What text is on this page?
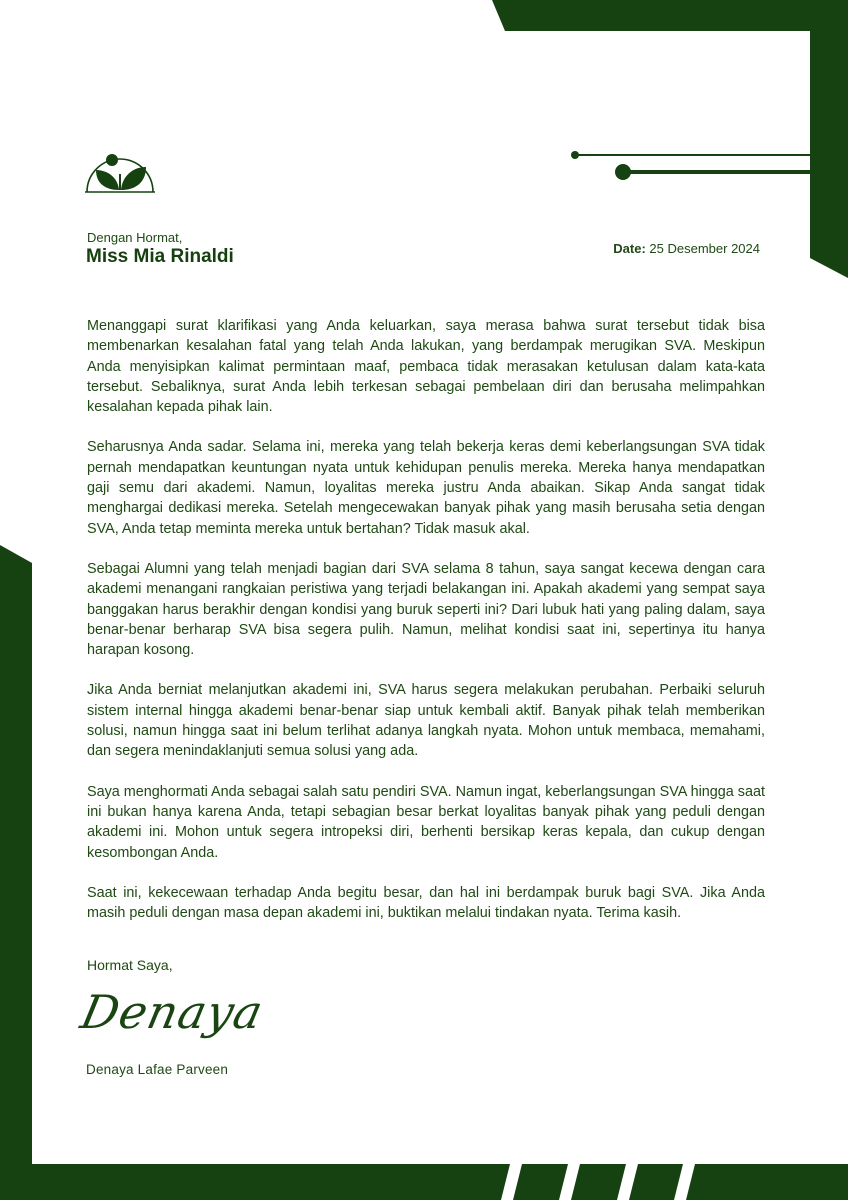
Dengan Hormat,
Miss Mia Rinaldi	Date: 25 Desember 2024

Menanggapi surat klarifikasi yang Anda keluarkan, saya merasa bahwa surat tersebut tidak bisa membenarkan kesalahan fatal yang telah Anda lakukan, yang berdampak merugikan SVA. Meskipun Anda menyisipkan kalimat permintaan maaf, pembaca tidak merasakan ketulusan dalam kata-kata tersebut. Sebaliknya, surat Anda lebih terkesan sebagai pembelaan diri dan berusaha melimpahkan kesalahan kepada pihak lain.

Seharusnya Anda sadar. Selama ini, mereka yang telah bekerja keras demi keberlangsungan SVA tidak pernah mendapatkan keuntungan nyata untuk kehidupan penulis mereka. Mereka hanya mendapatkan gaji semu dari akademi. Namun, loyalitas mereka justru Anda abaikan. Sikap Anda sangat tidak menghargai dedikasi mereka. Setelah mengecewakan banyak pihak yang masih berusaha setia dengan SVA, Anda tetap meminta mereka untuk bertahan? Tidak masuk akal.

Sebagai Alumni yang telah menjadi bagian dari SVA selama 8 tahun, saya sangat kecewa dengan cara akademi menangani rangkaian peristiwa yang terjadi belakangan ini. Apakah akademi yang sempat saya banggakan harus berakhir dengan kondisi yang buruk seperti ini? Dari lubuk hati yang paling dalam, saya benar-benar berharap SVA bisa segera pulih. Namun, melihat kondisi saat ini, sepertinya itu hanya harapan kosong.

Jika Anda berniat melanjutkan akademi ini, SVA harus segera melakukan perubahan. Perbaiki seluruh sistem internal hingga akademi benar-benar siap untuk kembali aktif. Banyak pihak telah memberikan solusi, namun hingga saat ini belum terlihat adanya langkah nyata. Mohon untuk membaca, memahami, dan segera menindaklanjuti semua solusi yang ada.

Saya menghormati Anda sebagai salah satu pendiri SVA. Namun ingat, keberlangsungan SVA hingga saat ini bukan hanya karena Anda, tetapi sebagian besar berkat loyalitas banyak pihak yang peduli dengan akademi ini. Mohon untuk segera intropeksi diri, berhenti bersikap keras kepala, dan cukup dengan kesombongan Anda.

Saat ini, kekecewaan terhadap Anda begitu besar, dan hal ini berdampak buruk bagi SVA. Jika Anda masih peduli dengan masa depan akademi ini, buktikan melalui tindakan nyata. Terima kasih.

Hormat Saya,
Denaya
Denaya Lafae Parveen
